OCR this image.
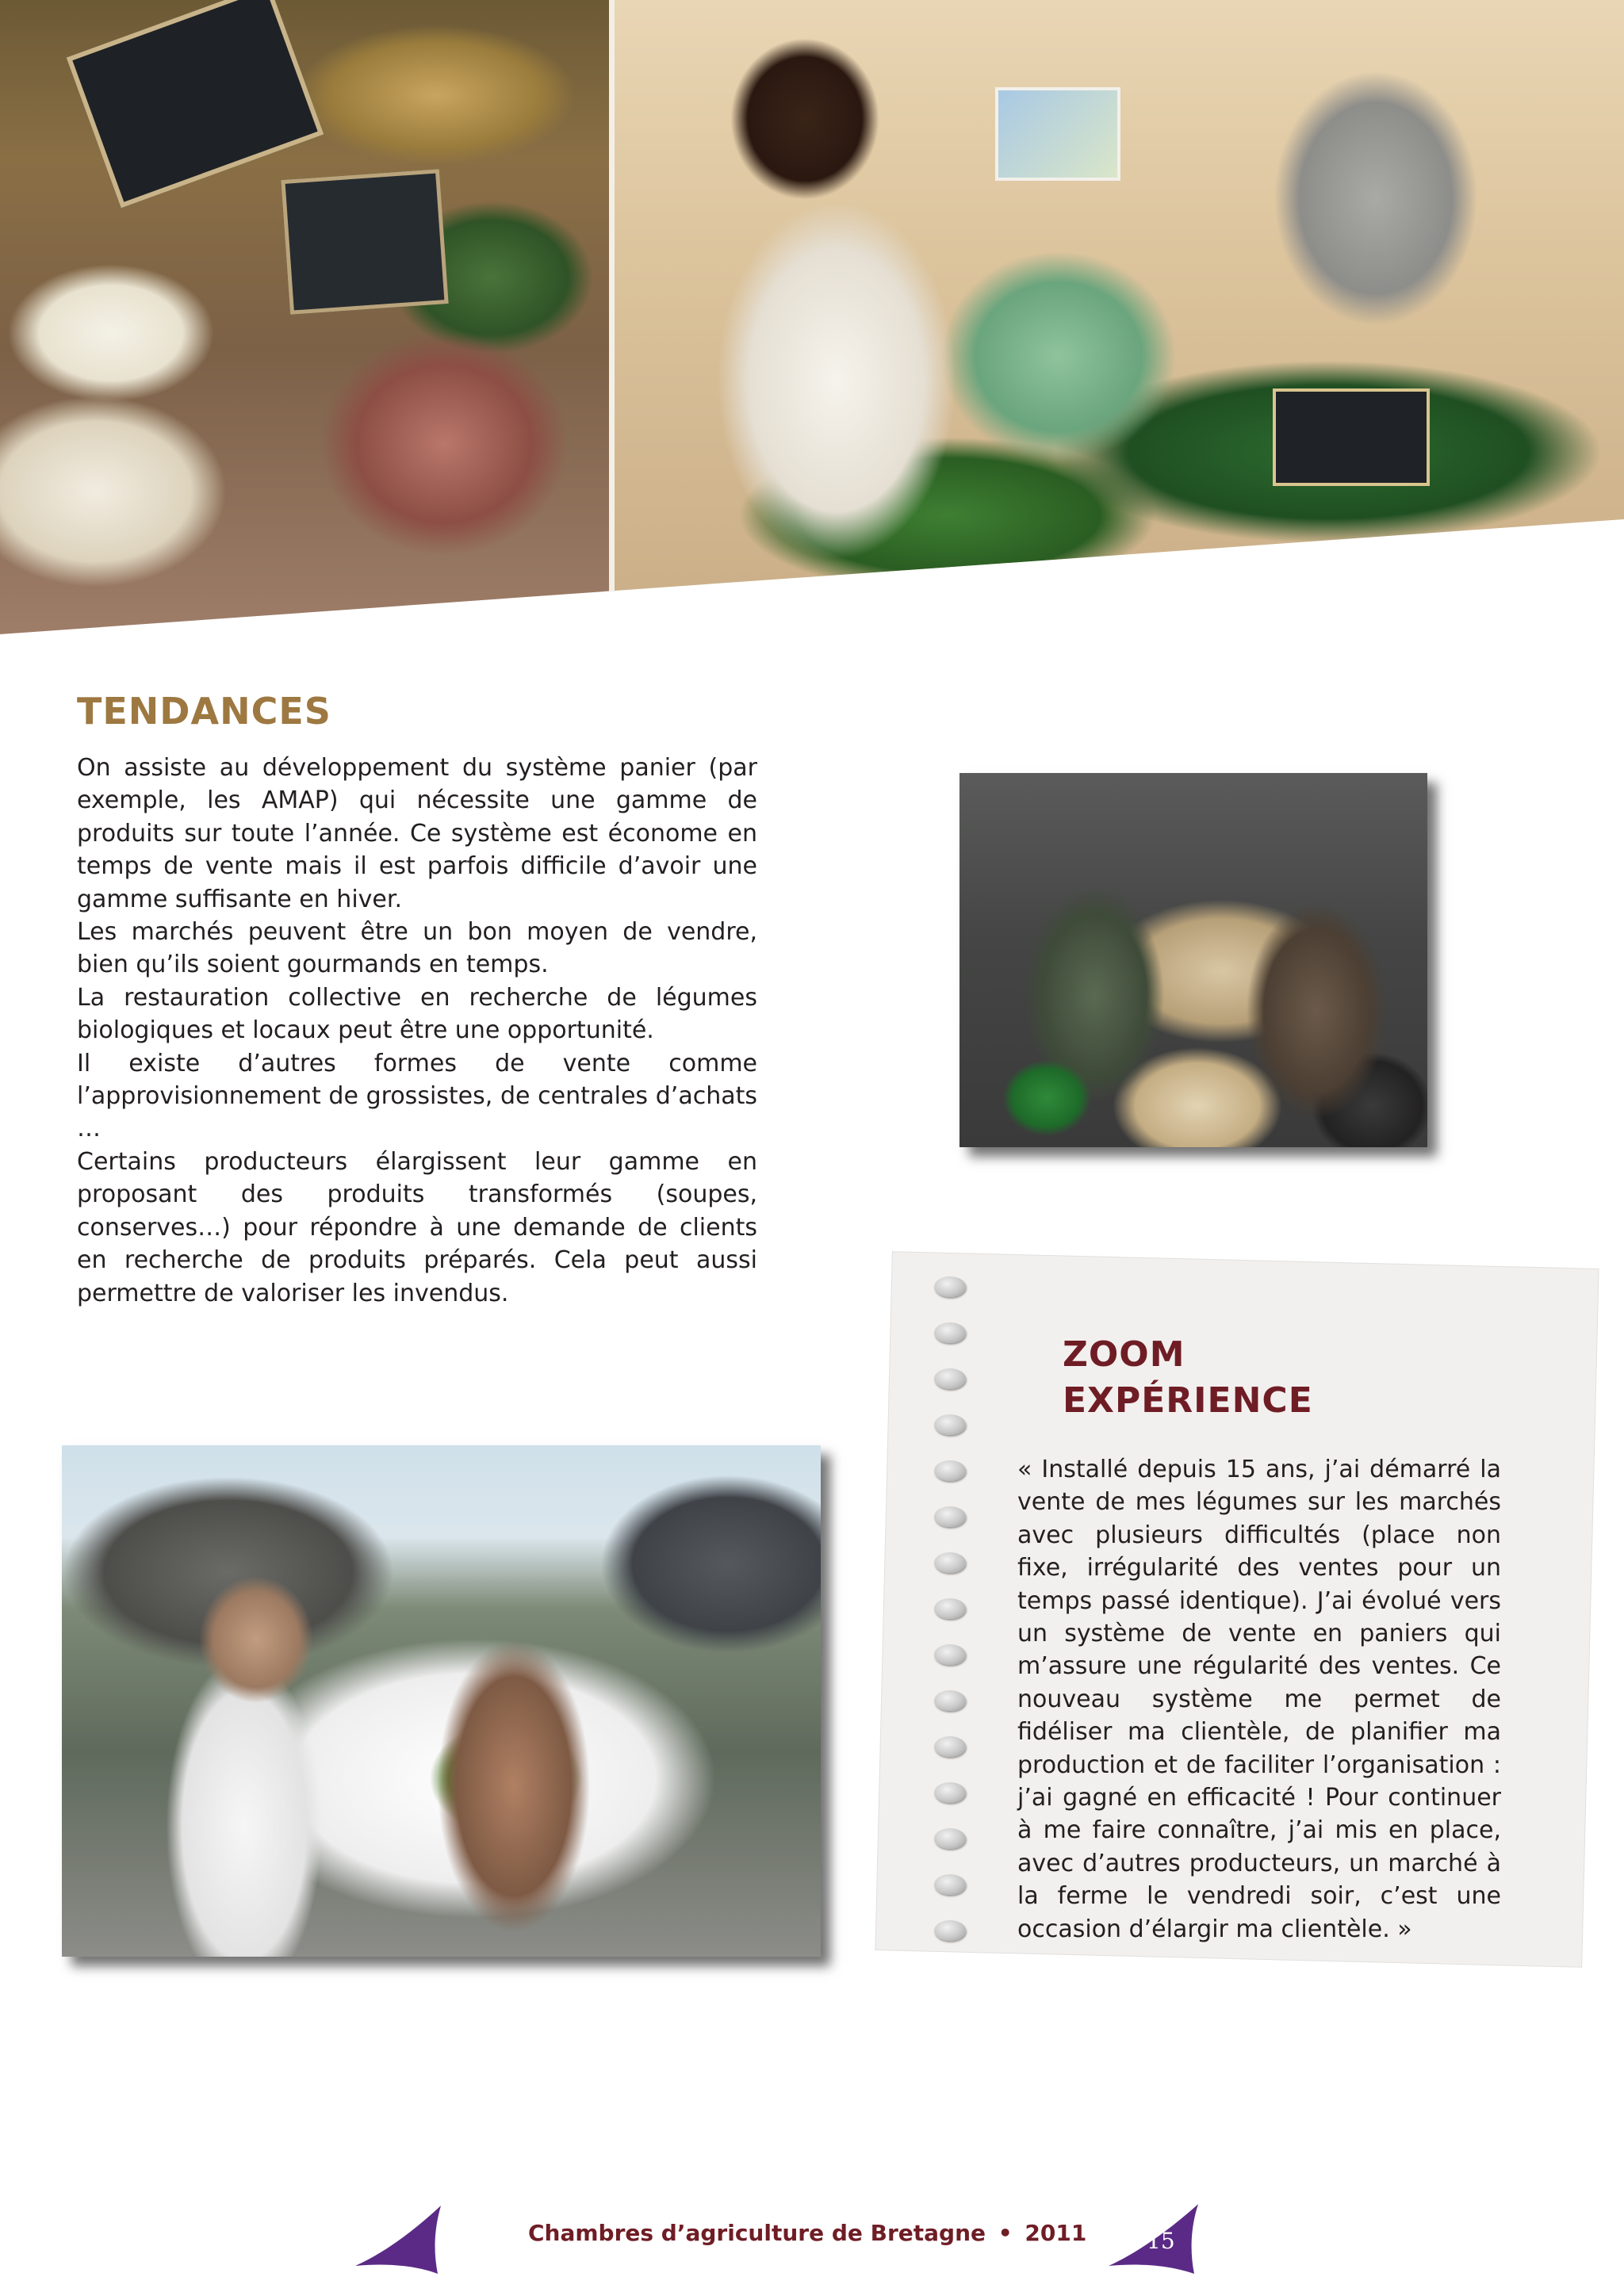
TENDANCES

On assiste au développement du système panier (par exemple, les AMAP) qui nécessite une gamme de produits sur toute l’année. Ce système est économe en temps de vente mais il est parfois difficile d’avoir une gamme suffisante en hiver.

Les marchés peuvent être un bon moyen de vendre, bien qu’ils soient gourmands en temps.

La restauration collective en recherche de légumes biologiques et locaux peut être une opportunité.

Il existe d’autres formes de vente comme l’approvisionnement de grossistes, de centrales d’achats …

Certains producteurs élargissent leur gamme en proposant des produits transformés (soupes, conserves…) pour répondre à une demande de clients en recherche de produits préparés. Cela peut aussi permettre de valoriser les invendus.

ZOOM
EXPÉRIENCE

« Installé depuis 15 ans, j’ai démarré la vente de mes légumes sur les marchés avec plusieurs difficultés (place non fixe, irrégularité des ventes pour un temps passé identique). J’ai évolué vers un système de vente en paniers qui m’assure une régularité des ventes. Ce nouveau système me permet de fidéliser ma clientèle, de planifier ma production et de faciliter l’organisation : j’ai gagné en efficacité ! Pour continuer à me faire connaître, j’ai mis en place, avec d’autres producteurs, un marché à la ferme le vendredi soir, c’est une occasion d’élargir ma clientèle. »

Chambres d’agriculture de Bretagne • 2011	15
